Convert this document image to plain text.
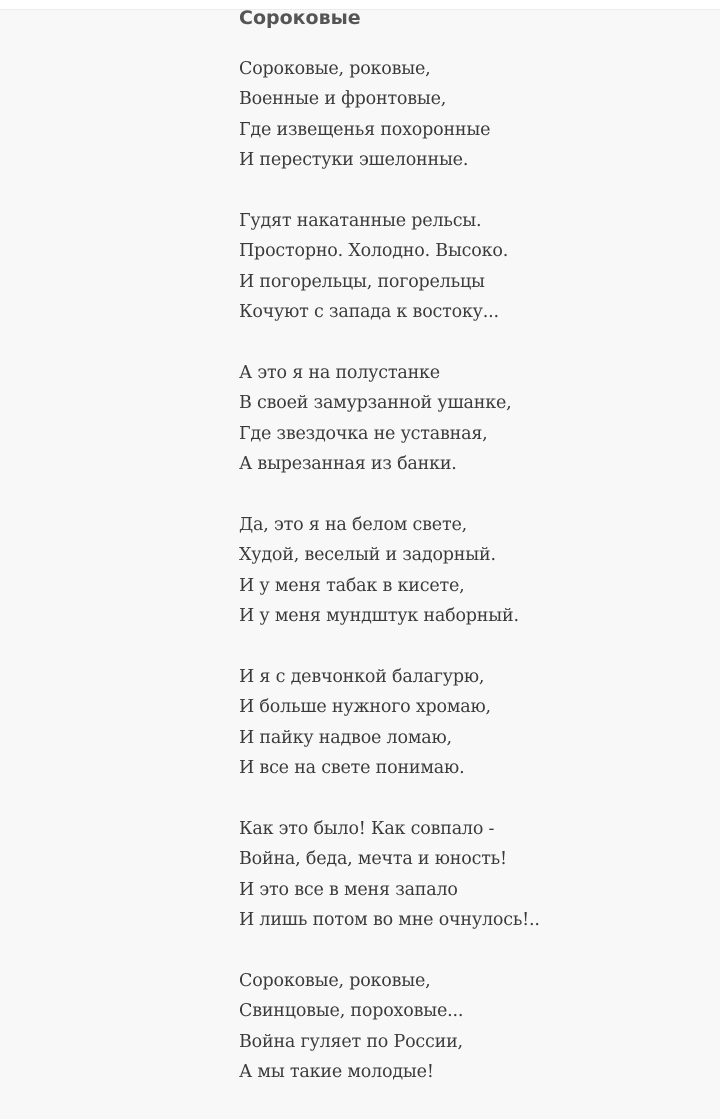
Сороковые
Сороковые, роковые,
Военные и фронтовые,
Где извещенья похоронные
И перестуки эшелонные.
Гудят накатанные рельсы.
Просторно. Холодно. Высоко.
И погорельцы, погорельцы
Кочуют с запада к востоку...
А это я на полустанке
В своей замурзанной ушанке,
Где звездочка не уставная,
А вырезанная из банки.
Да, это я на белом свете,
Худой, веселый и задорный.
И у меня табак в кисете,
И у меня мундштук наборный.
И я с девчонкой балагурю,
И больше нужного хромаю,
И пайку надвое ломаю,
И все на свете понимаю.
Как это было! Как совпало -
Война, беда, мечта и юность!
И это все в меня запало
И лишь потом во мне очнулось!..
Сороковые, роковые,
Свинцовые, пороховые...
Война гуляет по России,
А мы такие молодые!
